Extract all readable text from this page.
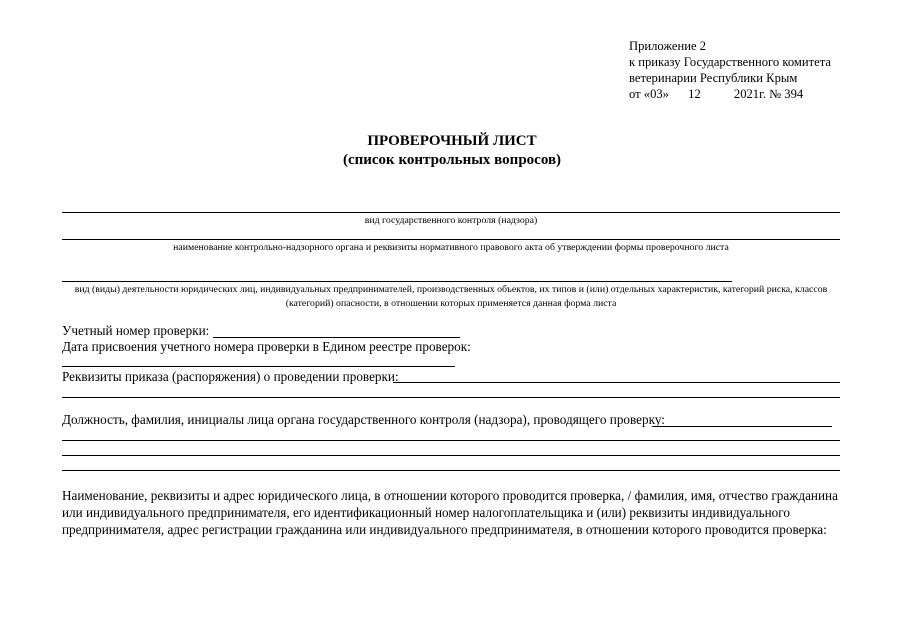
Приложение 2
к приказу Государственного комитета
ветеринарии Республики Крым
от «03» 12	2021г. № 394
ПРОВЕРОЧНЫЙ ЛИСТ
(список контрольных вопросов)
вид государственного контроля (надзора)
наименование контрольно-надзорного органа и реквизиты нормативного правового акта об утверждении формы проверочного листа
вид (виды) деятельности юридических лиц, индивидуальных предпринимателей, производственных объектов, их типов и (или) отдельных характеристик, категорий риска, классов (категорий) опасности, в отношении которых применяется данная форма листа
Учетный номер проверки:
Дата присвоения учетного номера проверки в Едином реестре проверок:
Реквизиты приказа (распоряжения) о проведении проверки:
Должность, фамилия, инициалы лица органа государственного контроля (надзора), проводящего проверку:
Наименование, реквизиты и адрес юридического лица, в отношении которого проводится проверка, / фамилия, имя, отчество гражданина или индивидуального предпринимателя, его идентификационный номер налогоплательщика и (или) реквизиты индивидуального предпринимателя, адрес регистрации гражданина или индивидуального предпринимателя, в отношении которого проводится проверка:
